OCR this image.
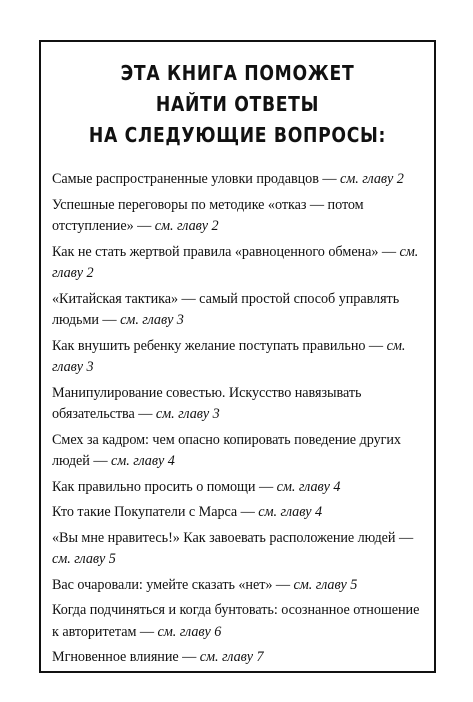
ЭТА КНИГА ПОМОЖЕТ
НАЙТИ ОТВЕТЫ
НА СЛЕДУЮЩИЕ ВОПРОСЫ:
Самые распространенные уловки продавцов — см. главу 2
Успешные переговоры по методике «отказ — потом отступление» — см. главу 2
Как не стать жертвой правила «равноценного обмена» — см. главу 2
«Китайская тактика» — самый простой способ управлять людьми — см. главу 3
Как внушить ребенку желание поступать правильно — см. главу 3
Манипулирование совестью. Искусство навязывать обязательства — см. главу 3
Смех за кадром: чем опасно копировать поведение других людей — см. главу 4
Как правильно просить о помощи — см. главу 4
Кто такие Покупатели с Марса — см. главу 4
«Вы мне нравитесь!» Как завоевать расположение людей — см. главу 5
Вас очаровали: умейте сказать «нет» — см. главу 5
Когда подчиняться и когда бунтовать: осознанное отношение к авторитетам — см. главу 6
Мгновенное влияние — см. главу 7
